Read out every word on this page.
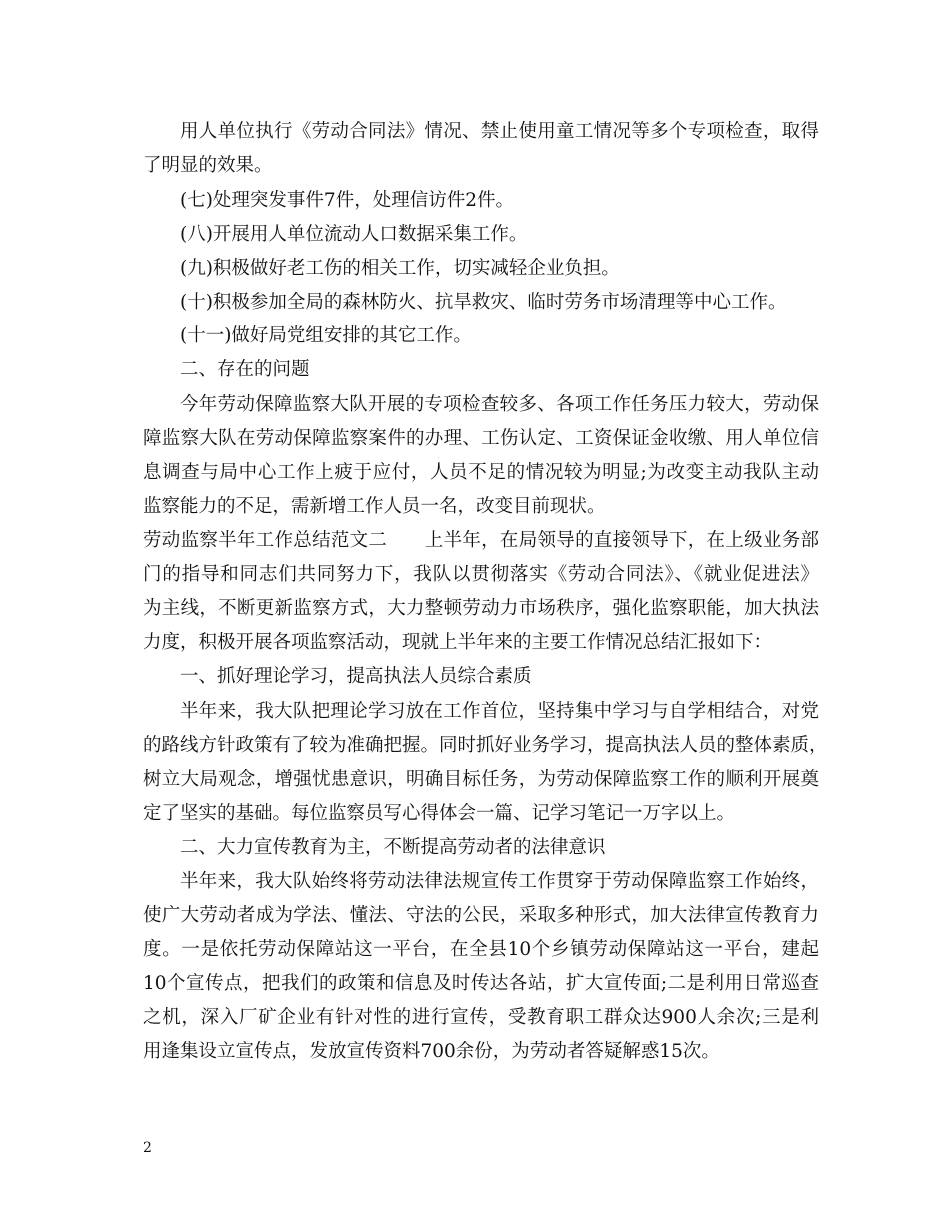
用人单位执行《劳动合同法》情况、禁止使用童工情况等多个专项检查，取得

了明显的效果。

(七)处理突发事件7件，处理信访件2件。

(八)开展用人单位流动人口数据采集工作。

(九)积极做好老工伤的相关工作，切实减轻企业负担。

(十)积极参加全局的森林防火、抗旱救灾、临时劳务市场清理等中心工作。

(十一)做好局党组安排的其它工作。

二、存在的问题

今年劳动保障监察大队开展的专项检查较多、各项工作任务压力较大，劳动保

障监察大队在劳动保障监察案件的办理、工伤认定、工资保证金收缴、用人单位信

息调查与局中心工作上疲于应付，人员不足的情况较为明显;为改变主动我队主动

监察能力的不足，需新增工作人员一名，改变目前现状。

劳动监察半年工作总结范文二　　上半年，在局领导的直接领导下，在上级业务部

门的指导和同志们共同努力下，我队以贯彻落实《劳动合同法》、《就业促进法》

为主线，不断更新监察方式，大力整顿劳动力市场秩序，强化监察职能，加大执法

力度，积极开展各项监察活动，现就上半年来的主要工作情况总结汇报如下：

一、抓好理论学习，提高执法人员综合素质

半年来，我大队把理论学习放在工作首位，坚持集中学习与自学相结合，对党

的路线方针政策有了较为准确把握。同时抓好业务学习，提高执法人员的整体素质，

树立大局观念，增强忧患意识，明确目标任务，为劳动保障监察工作的顺利开展奠

定了坚实的基础。每位监察员写心得体会一篇、记学习笔记一万字以上。

二、大力宣传教育为主，不断提高劳动者的法律意识

半年来，我大队始终将劳动法律法规宣传工作贯穿于劳动保障监察工作始终，

使广大劳动者成为学法、懂法、守法的公民，采取多种形式，加大法律宣传教育力

度。一是依托劳动保障站这一平台，在全县10个乡镇劳动保障站这一平台，建起

10个宣传点，把我们的政策和信息及时传达各站，扩大宣传面;二是利用日常巡查

之机，深入厂矿企业有针对性的进行宣传，受教育职工群众达900人余次;三是利

用逢集设立宣传点，发放宣传资料700余份，为劳动者答疑解惑15次。

2
